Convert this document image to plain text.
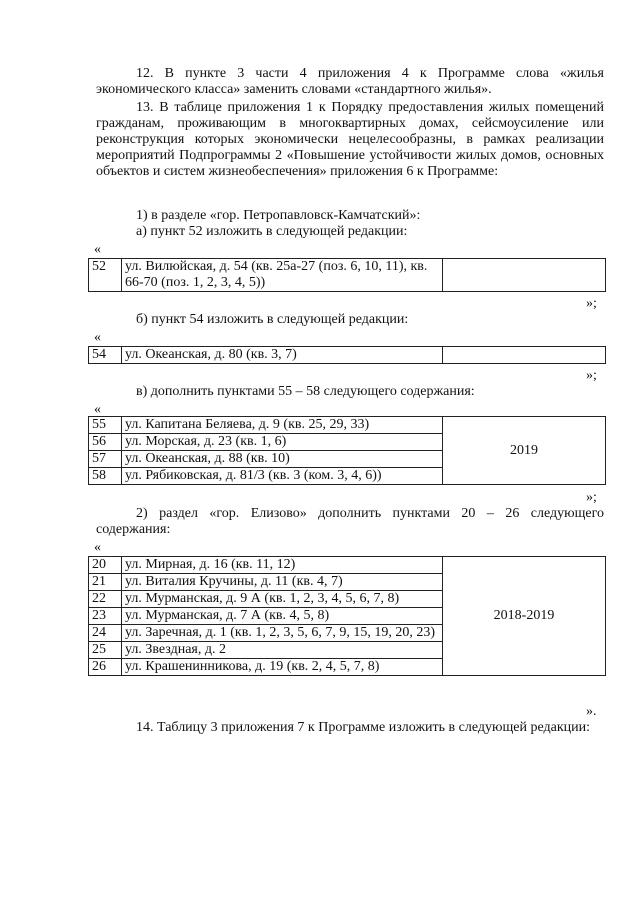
12. В пункте 3 части 4 приложения 4 к Программе слова «жилья экономического класса» заменить словами «стандартного жилья».

13. В таблице приложения 1 к Порядку предоставления жилых помещений гражданам, проживающим в многоквартирных домах, сейсмоусиление или реконструкция которых экономически нецелесообразны, в рамках реализации мероприятий Подпрограммы 2 «Повышение устойчивости жилых домов, основных объектов и систем жизнеобеспечения» приложения 6 к Программе:

1) в разделе «гор. Петропавловск-Камчатский»:

а) пункт 52 изложить в следующей редакции:

«

52	ул. Вилюйская, д. 54 (кв. 25а-27 (поз. 6, 10, 11), кв. 66-70 (поз. 1, 2, 3, 4, 5))	

»;

б) пункт 54 изложить в следующей редакции:

«

54	ул. Океанская, д. 80 (кв. 3, 7)	

»;

в) дополнить пунктами 55 – 58 следующего содержания:

«

55	ул. Капитана Беляева, д. 9 (кв. 25, 29, 33)	2019
56	ул. Морская, д. 23 (кв. 1, 6)	
57	ул. Океанская, д. 88 (кв. 10)	
58	ул. Рябиковская, д. 81/3 (кв. 3 (ком. 3, 4, 6))	

»;

2) раздел «гор. Елизово» дополнить пунктами 20 – 26 следующего содержания:

«

20	ул. Мирная, д. 16 (кв. 11, 12)	2018-2019
21	ул. Виталия Кручины, д. 11 (кв. 4, 7)	
22	ул. Мурманская, д. 9 А (кв. 1, 2, 3, 4, 5, 6, 7, 8)	
23	ул. Мурманская, д. 7 А (кв. 4, 5, 8)	
24	ул. Заречная, д. 1 (кв. 1, 2, 3, 5, 6, 7, 9, 15, 19, 20, 23)	
25	ул. Звездная, д. 2	
26	ул. Крашенинникова, д. 19 (кв. 2, 4, 5, 7, 8)	

».

14. Таблицу 3 приложения 7 к Программе изложить в следующей редакции:
